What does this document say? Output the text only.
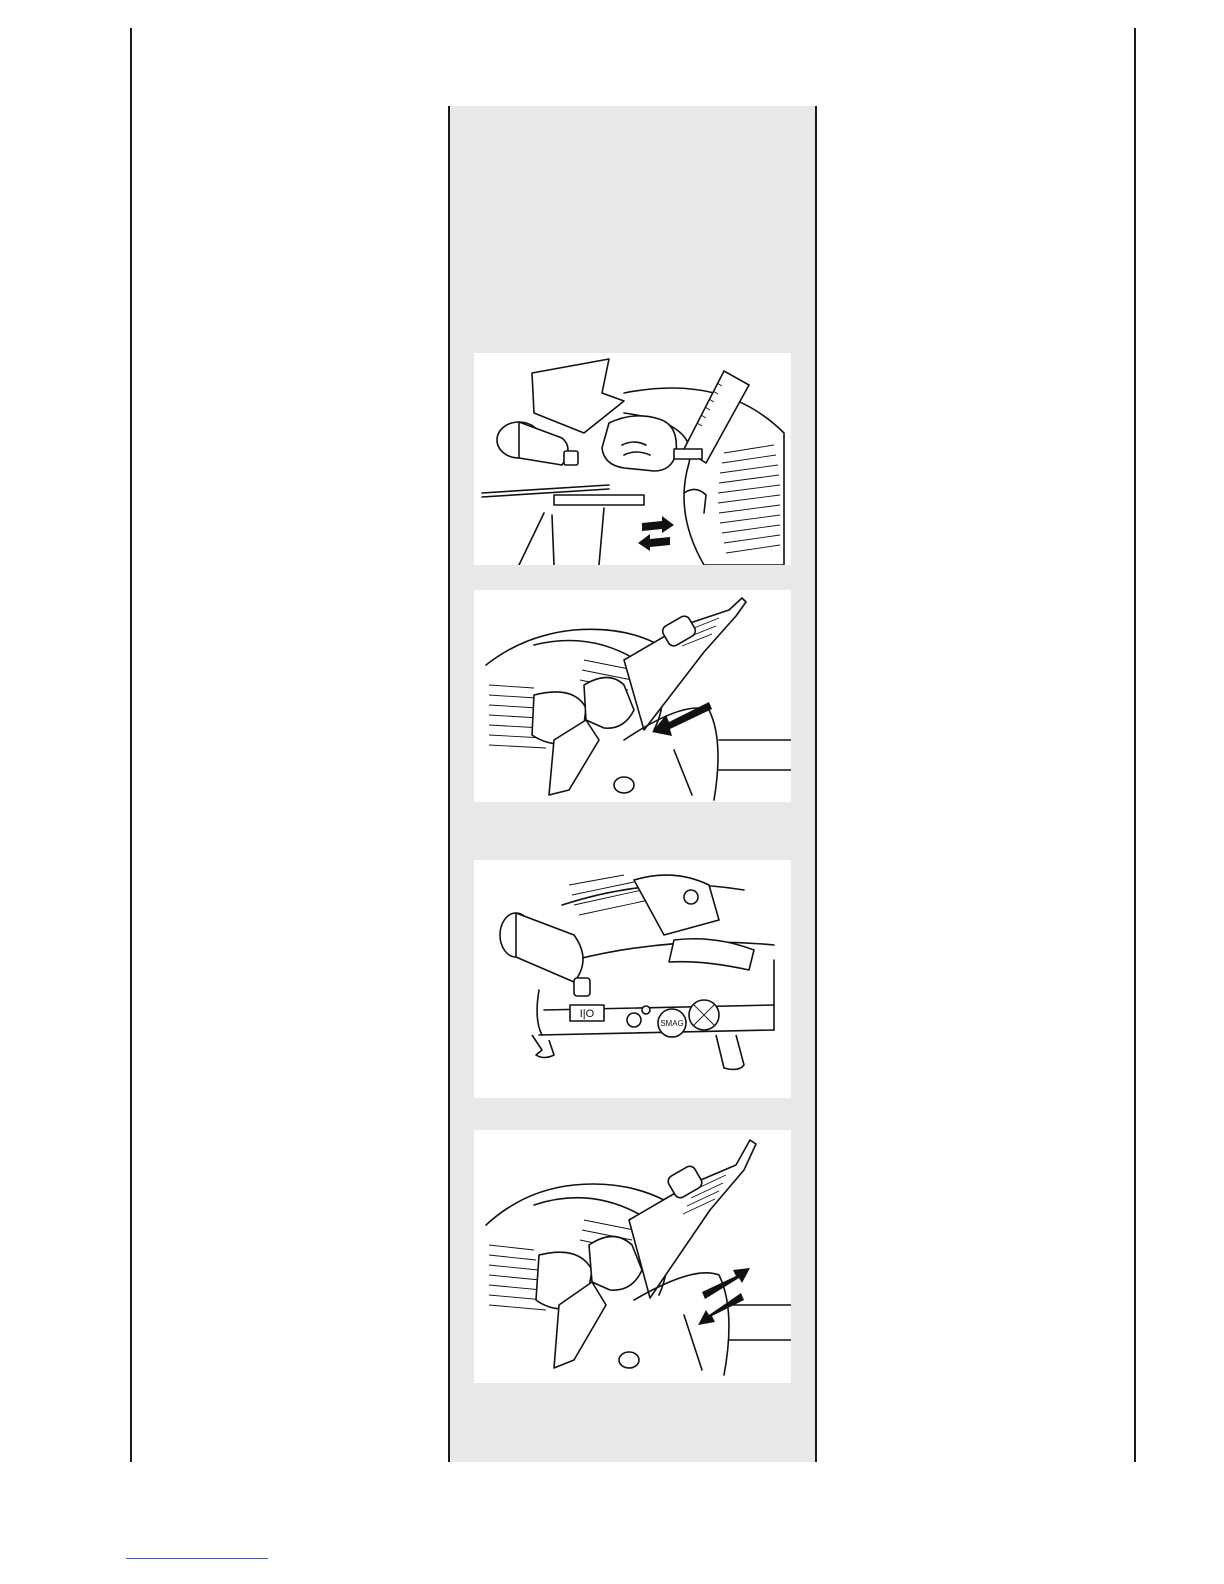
I|O
SMAG
